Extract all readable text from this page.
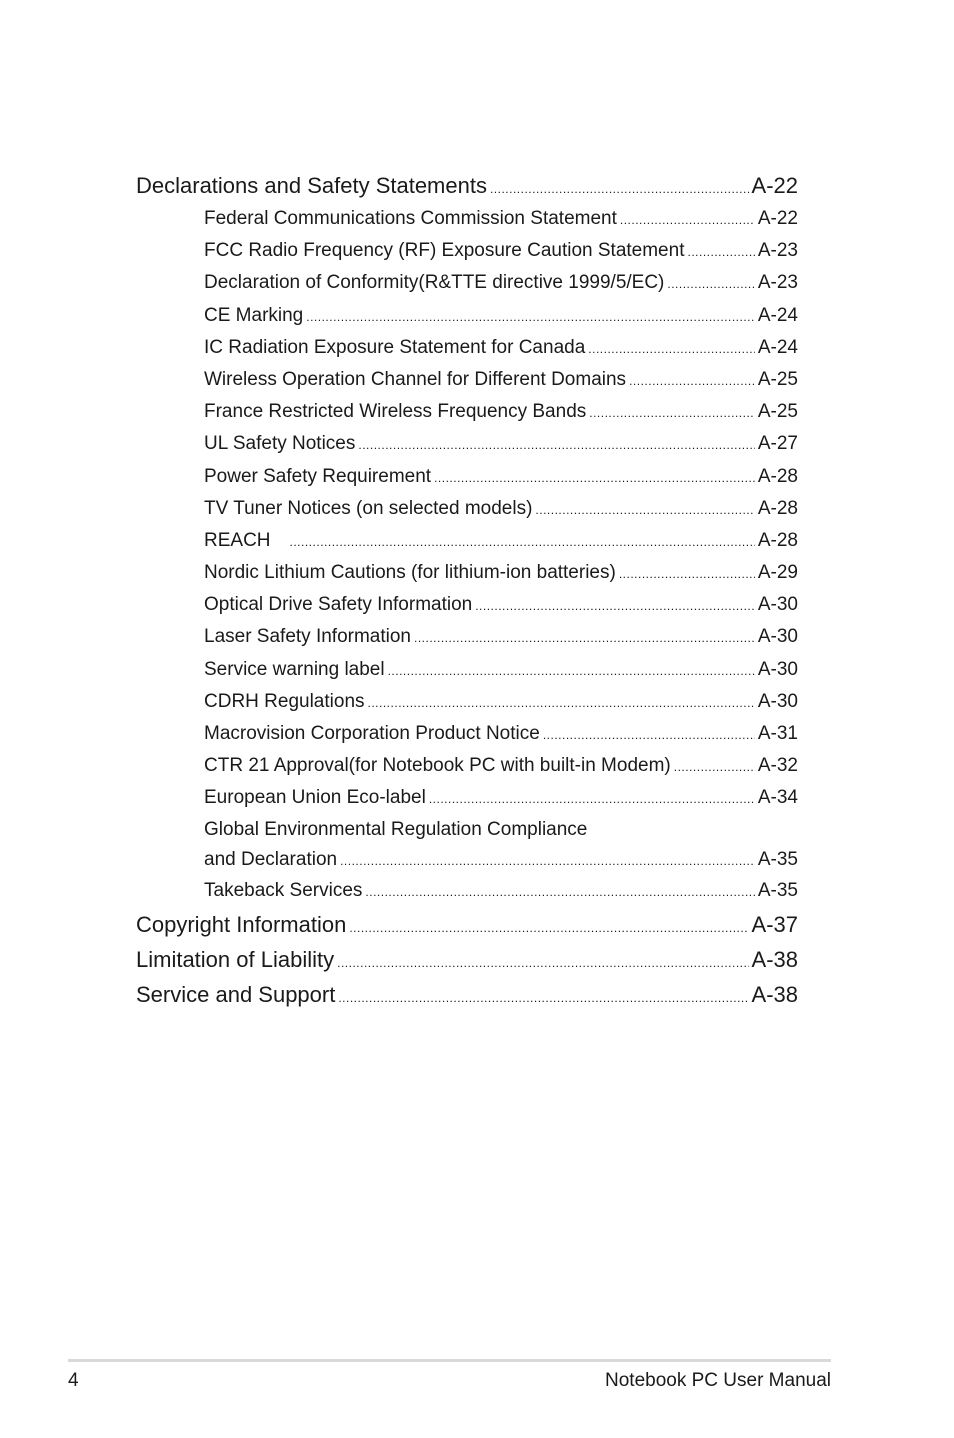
Declarations and Safety Statements .....	A-22
Federal Communications Commission Statement .....	A-22
FCC Radio Frequency (RF) Exposure Caution Statement .....	A-23
Declaration of Conformity(R&TTE directive 1999/5/EC) .....	A-23
CE Marking .....	A-24
IC Radiation Exposure Statement for Canada .....	A-24
Wireless Operation Channel for Different Domains .....	A-25
France Restricted Wireless Frequency Bands .....	A-25
UL Safety Notices .....	A-27
Power Safety Requirement .....	A-28
TV Tuner Notices (on selected models) .....	A-28
REACH .....	A-28
Nordic Lithium Cautions (for lithium-ion batteries) .....	A-29
Optical Drive Safety Information .....	A-30
Laser Safety Information .....	A-30
Service warning label .....	A-30
CDRH Regulations .....	A-30
Macrovision Corporation Product Notice .....	A-31
CTR 21 Approval(for Notebook PC with built-in Modem) .....	A-32
European Union Eco-label .....	A-34
Global Environmental Regulation Compliance
and Declaration .....	A-35
Takeback Services .....	A-35
Copyright Information .....	A-37
Limitation of Liability .....	A-38
Service and Support .....	A-38
4	Notebook PC User Manual
